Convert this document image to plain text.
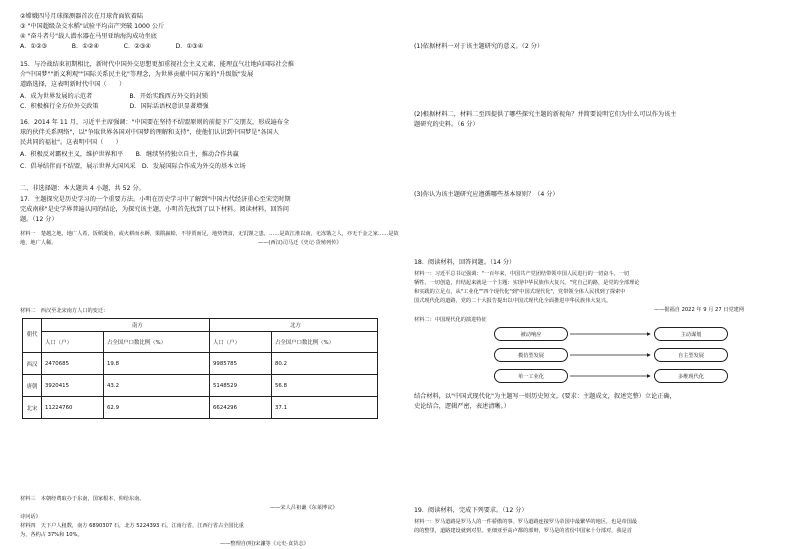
②嫦娥四号月球探测器首次在月球背面软着陆
③ "中国超级杂交水稻"试验平均亩产突破 1000 公斤
④ "奋斗者号"载人潜水器在马里亚纳海沟成功坐底
A．①②③　　　　B．①②④　　　　C．②③④　　　　D．①③④
15．与冷战结束初期相比，新时代中国外交思想更加重视社会主义元素，能理直气壮地向国际社会推
介"中国梦""新义利观""国际关系民主化"等理念，为世界贡献中国方案的"升级版"发展
道路选择，这表明新时代中国（　　）
A．成为世界发展的示范者　　　　　　B．开始实践西方外交的封锁
C．积极推行全方位外交政策　　　　　D．国际话语权意识显著增强
16．2014 年 11 月，习近平主席强调："中国要在坚持不结盟原则的前提下广交朋友，形成遍布全
球的伙伴关系网络"，以"争取世界各国对中国梦的理解和支持"，使他们认识到中国梦是"各国人
民共同的福祉"。这表明中国（　　）
A．积极反对霸权主义，维护世界和平　　B．继续坚持独立自主，推动合作共赢
C．倡导结伴而不结盟，展示世界大国风采　D．发展国际合作成为外交的基本立场
二、非选择题：本大题共 4 小题，共 52 分。
17．主题探究是历史学习的一个重要方法。小明在历史学习中了解到"中国古代经济重心至宋完时期
完成南移"是史学界普遍认同的结论，为探究该主题，小明首先找到了以下材料。阅读材料，回答问
题。（12 分）
材料一　楚越之地，地广人希，饭稻羹鱼，或火耕而水耨，果隋嬴蛤，不待贾而足，地势饶食，无饥馑之患，……是故江淮以南，无冻饿之人，亦无千金之家……是故
地，地广人稀。	——(西汉)司马迁《史记·货殖列传》
材料二　西汉至北宋南方人口的变迁：
朝代	南方		北方	
	人口（户）	占全国户口数比例（%）	人口（户）	占全国户口数比例（%）
西汉	2470685	19.8	9985785	80.2
唐朝	3920415	43.2	5148529	56.8
北宋	11224760	62.9	6624296	37.1
材料三　本朝经费取办于东南，国家根本，仰给东南。
——宋人吕祖谦《东莱博议》
诗问话》
材料四　天下户人租数，南方 6890307 石，北方 5224393 石。江南行省，江西行省占全国比重
为，各约占 37%和 10%。
——整理自(明)宋濂等《元史·食货志》
(1)依据材料一对于该主题研究的意义。（2 分）
(2)根据材料二，材料二至四提供了哪些探究主题的新视角？并简要说明它们为什么可以作为该主
题研究的史料。（6 分）
(3)你认为该主题研究应遵循哪些基本原则？（4 分）
18．阅读材料，回答问题。（14 分）
材料一：习近平总书记强调："一百年来，中国共产党团结带领中国人民进行的一切奋斗、一切
牺牲、一切创造，归结起来就是一个主题：实现中华民族伟大复兴。"党自己的路，是党的全部理论
和实践的立足点，从"工业化""四个现代化"到"中国式现代化"，党带领全体人民找到了探索中
国式现代化的道路，党的二十大报告提出以中国式现代化全面推进中华民族伟大复兴。
——据福自 2022 年 9 月 27 日党建网
材料二：中国现代化的演进特征
被动响应	主动谋划
模仿型发展	自主型发展
单一工业化	多维现代化
结合材料，以"中国式现代化"为主题写一则历史短文。(要求：主题成文，叙述完整）立论正确，
史论结合，逻辑严密，表述清晰。）
19．阅读材料，完成下列要求。（12 分）
材料一：罗马道路是罗马人的一件骄傲的事。罗马道路连接罗马帝国中最繁华的地区，也是帝国最
的的整里，道路建设就到对里。亚细亚至高卢都的部辩，罗马是的省份中国家十分部对，我是首
